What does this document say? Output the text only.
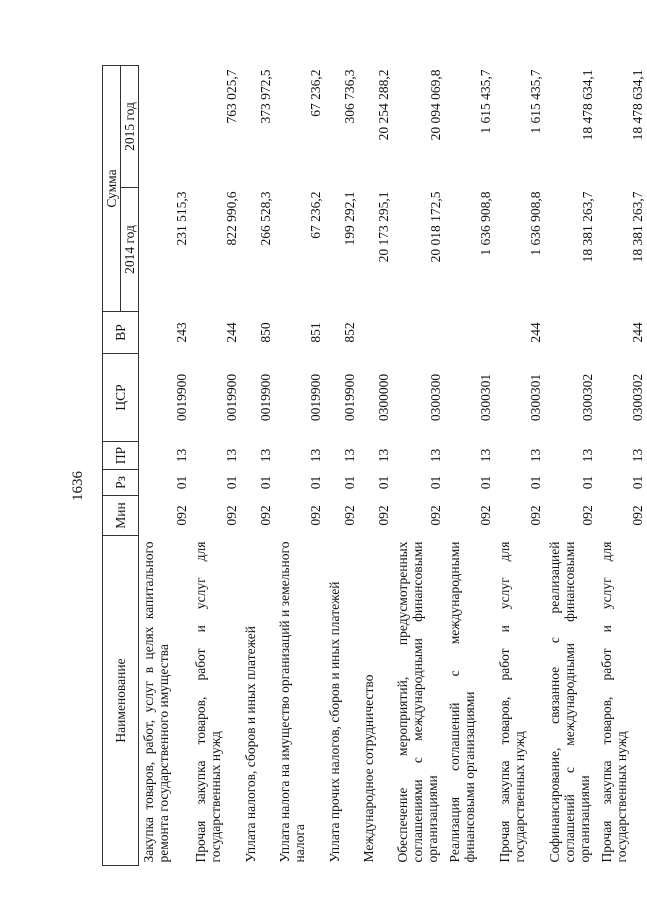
1636
Наименование	Мин	Рз	ПР	ЦСР	ВР	Сумма	
						2014 год	2015 год
Закупка товаров, работ, услуг в целях капитального ремонта государственного имущества	092	01	13	0019900	243	231 515,3	
Прочая закупка товаров, работ и услуг для государственных нужд	092	01	13	0019900	244	822 990,6	763 025,7
Уплата налогов, сборов и иных платежей	092	01	13	0019900	850	266 528,3	373 972,5
Уплата налога на имущество организаций и земельного налога	092	01	13	0019900	851	67 236,2	67 236,2
Уплата прочих налогов, сборов и иных платежей	092	01	13	0019900	852	199 292,1	306 736,3
Международное сотрудничество	092	01	13	0300000		20 173 295,1	20 254 288,2
Обеспечение мероприятий, предусмотренных соглашениями с международными финансовыми организациями	092	01	13	0300300		20 018 172,5	20 094 069,8
Реализация соглашений с международными финансовыми организациями	092	01	13	0300301		1 636 908,8	1 615 435,7
Прочая закупка товаров, работ и услуг для государственных нужд	092	01	13	0300301	244	1 636 908,8	1 615 435,7
Софинансирование, связанное с реализацией соглашений с международными финансовыми организациями	092	01	13	0300302		18 381 263,7	18 478 634,1
Прочая закупка товаров, работ и услуг для государственных нужд	092	01	13	0300302	244	18 381 263,7	18 478 634,1
